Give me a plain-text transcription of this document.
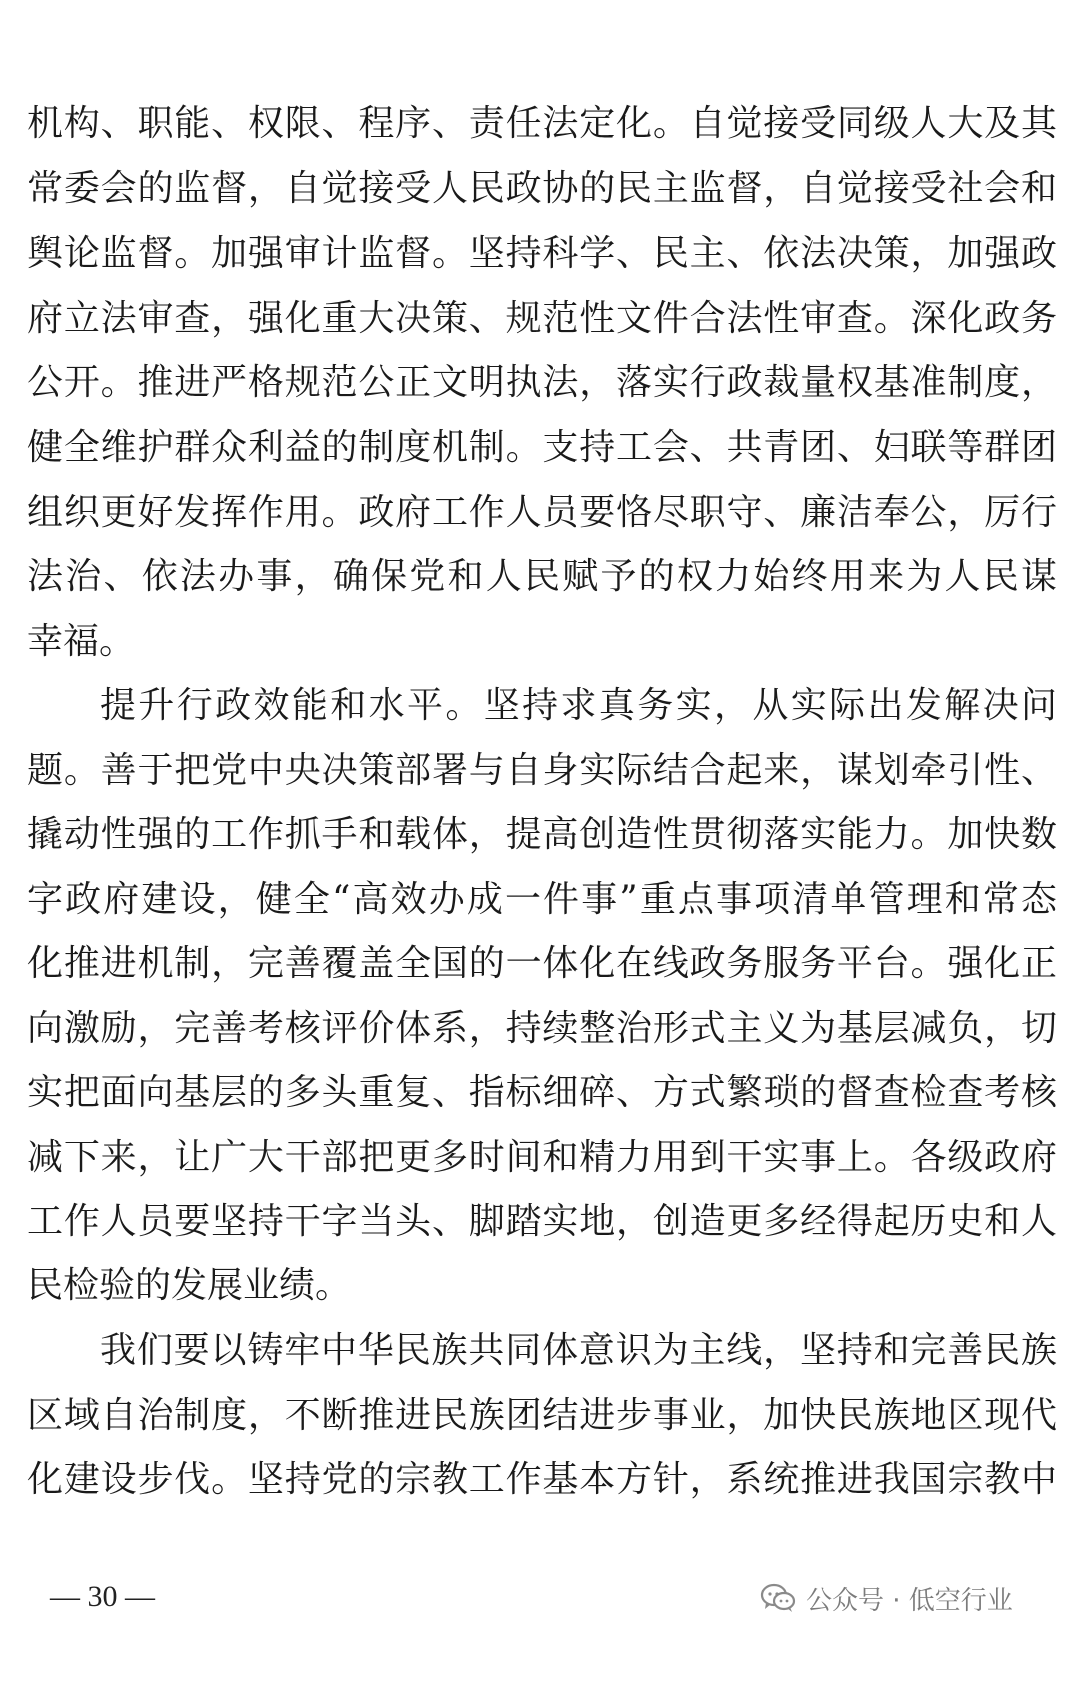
机构、职能、权限、程序、责任法定化。自觉接受同级人大及其
常委会的监督，自觉接受人民政协的民主监督，自觉接受社会和
舆论监督。加强审计监督。坚持科学、民主、依法决策，加强政
府立法审查，强化重大决策、规范性文件合法性审查。深化政务
公开。推进严格规范公正文明执法，落实行政裁量权基准制度，
健全维护群众利益的制度机制。支持工会、共青团、妇联等群团
组织更好发挥作用。政府工作人员要恪尽职守、廉洁奉公，厉行
法治、依法办事，确保党和人民赋予的权力始终用来为人民谋
幸福。
提升行政效能和水平。坚持求真务实，从实际出发解决问
题。善于把党中央决策部署与自身实际结合起来，谋划牵引性、
撬动性强的工作抓手和载体，提高创造性贯彻落实能力。加快数
字政府建设，健全“高效办成一件事”重点事项清单管理和常态
化推进机制，完善覆盖全国的一体化在线政务服务平台。强化正
向激励，完善考核评价体系，持续整治形式主义为基层减负，切
实把面向基层的多头重复、指标细碎、方式繁琐的督查检查考核
减下来，让广大干部把更多时间和精力用到干实事上。各级政府
工作人员要坚持干字当头、脚踏实地，创造更多经得起历史和人
民检验的发展业绩。
我们要以铸牢中华民族共同体意识为主线，坚持和完善民族
区域自治制度，不断推进民族团结进步事业，加快民族地区现代
化建设步伐。坚持党的宗教工作基本方针，系统推进我国宗教中
— 30 —	公众号 · 低空行业
